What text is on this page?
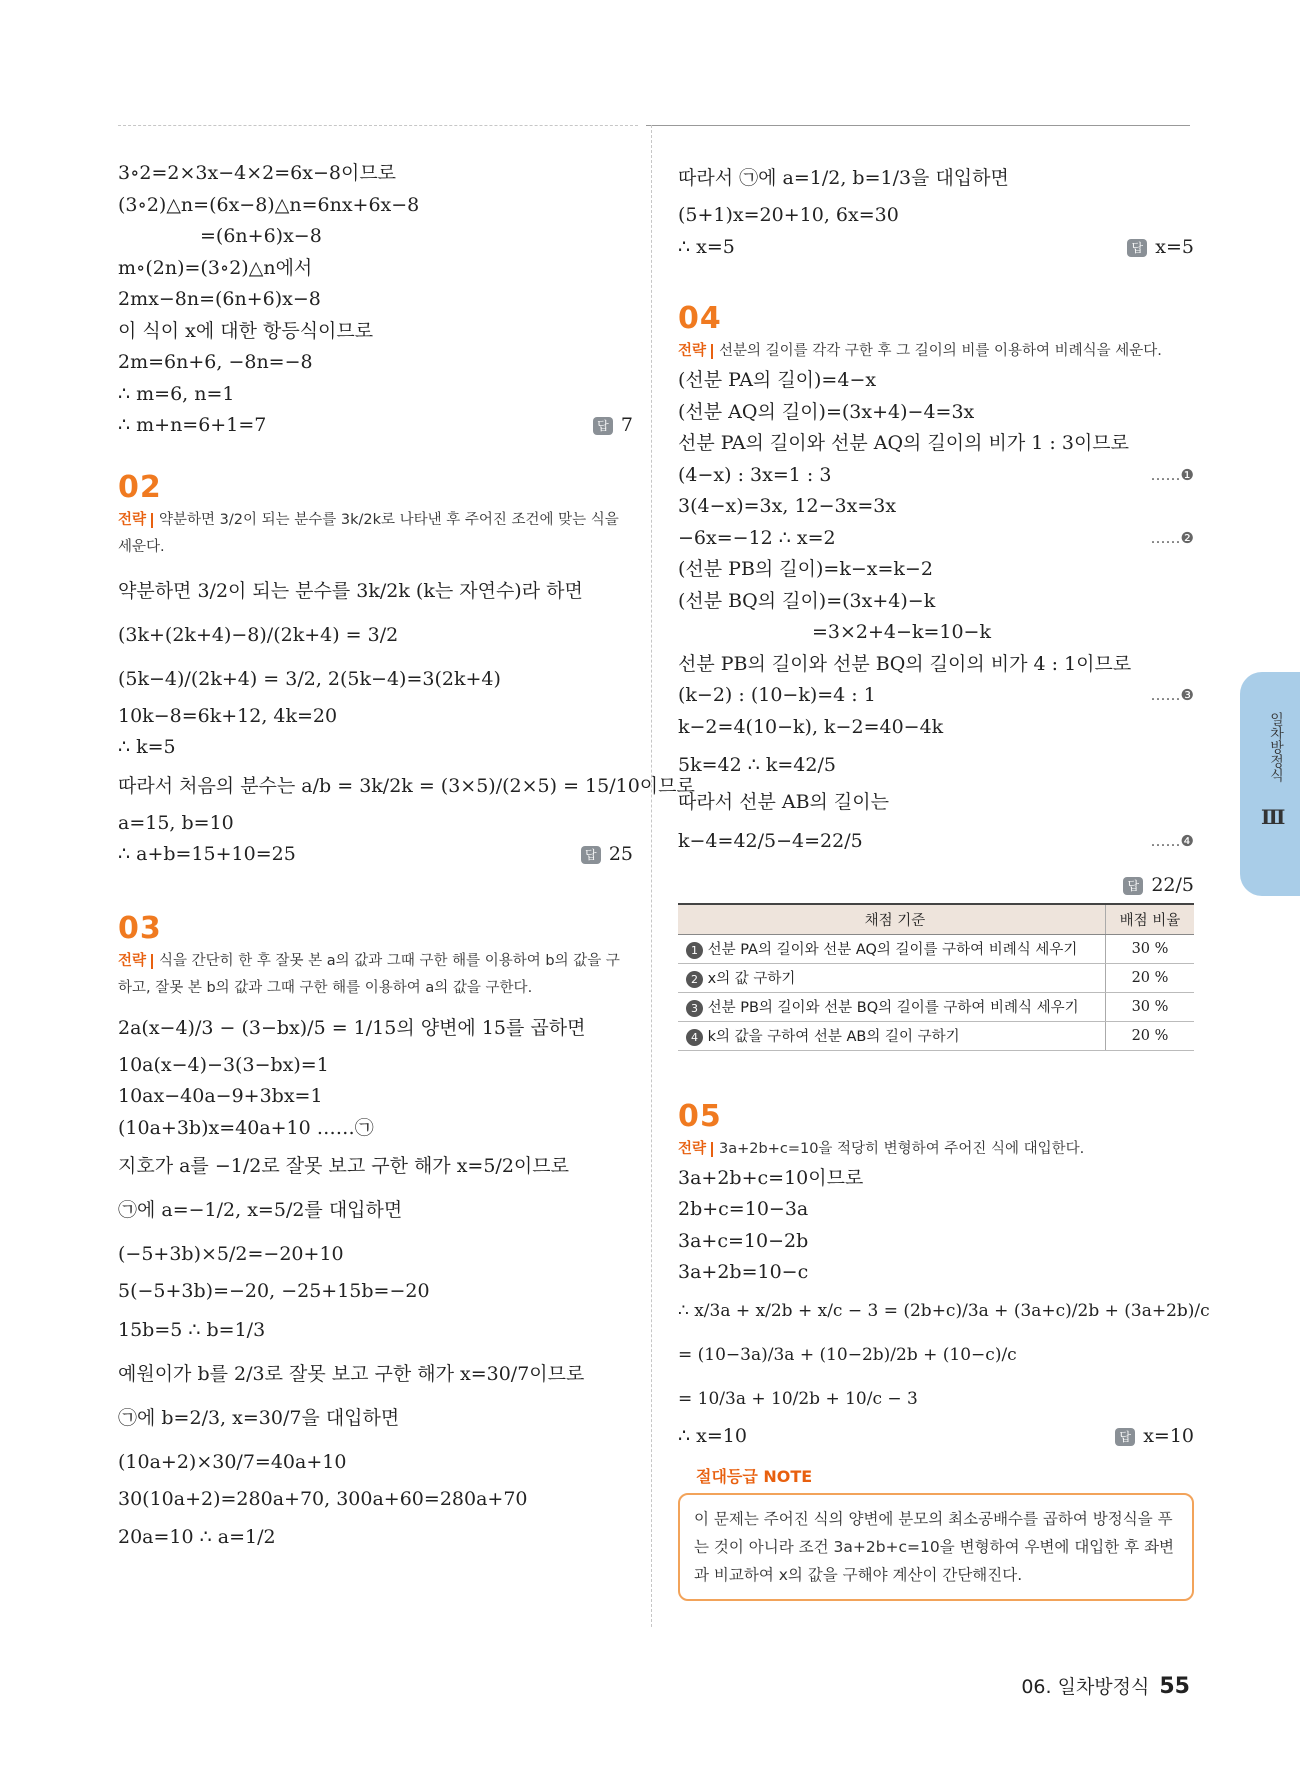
3∘2=2×3x−4×2=6x−8이므로
(3∘2)△n=(6x−8)△n=6nx+6x−8
=(6n+6)x−8
m∘(2n)=(3∘2)△n에서
2mx−8n=(6n+6)x−8
이 식이 x에 대한 항등식이므로
2m=6n+6, −8n=−8
∴ m=6, n=1
∴ m+n=6+1=7	답 7
02
전략 약분하면 3/2이 되는 분수를 3k/2k로 나타낸 후 주어진 조건에 맞는 식을 세운다.
약분하면 3/2이 되는 분수를 3k/2k (k는 자연수)라 하면
(3k+(2k+4)−8)/(2k+4) = 3/2
(5k−4)/(2k+4) = 3/2, 2(5k−4)=3(2k+4)
10k−8=6k+12, 4k=20
∴ k=5
따라서 처음의 분수는 a/b = 3k/2k = (3×5)/(2×5) = 15/10이므로
a=15, b=10
∴ a+b=15+10=25	답 25
03
전략 식을 간단히 한 후 잘못 본 a의 값과 그때 구한 해를 이용하여 b의 값을 구하고, 잘못 본 b의 값과 그때 구한 해를 이용하여 a의 값을 구한다.
2a(x−4)/3 − (3−bx)/5 = 1/15의 양변에 15를 곱하면
10a(x−4)−3(3−bx)=1
10ax−40a−9+3bx=1
(10a+3b)x=40a+10 ……㉠
지호가 a를 −1/2로 잘못 보고 구한 해가 x=5/2이므로
㉠에 a=−1/2, x=5/2를 대입하면
(−5+3b)×5/2=−20+10
5(−5+3b)=−20, −25+15b=−20
15b=5 ∴ b=1/3
예원이가 b를 2/3로 잘못 보고 구한 해가 x=30/7이므로
㉠에 b=2/3, x=30/7을 대입하면
(10a+2)×30/7=40a+10
30(10a+2)=280a+70, 300a+60=280a+70
20a=10 ∴ a=1/2
따라서 ㉠에 a=1/2, b=1/3을 대입하면
(5+1)x=20+10, 6x=30
∴ x=5	답 x=5
04
전략 선분의 길이를 각각 구한 후 그 길이의 비를 이용하여 비례식을 세운다.
(선분 PA의 길이)=4−x
(선분 AQ의 길이)=(3x+4)−4=3x
선분 PA의 길이와 선분 AQ의 길이의 비가 1 : 3이므로
(4−x) : 3x=1 : 3	……❶
3(4−x)=3x, 12−3x=3x
−6x=−12 ∴ x=2	……❷
(선분 PB의 길이)=k−x=k−2
(선분 BQ의 길이)=(3x+4)−k
=3×2+4−k=10−k
선분 PB의 길이와 선분 BQ의 길이의 비가 4 : 1이므로
(k−2) : (10−k)=4 : 1	……❸
k−2=4(10−k), k−2=40−4k
5k=42 ∴ k=42/5
따라서 선분 AB의 길이는
k−4=42/5−4=22/5	……❹
답 22/5
채점 기준	배점 비율
1 선분 PA의 길이와 선분 AQ의 길이를 구하여 비례식 세우기	30 %
2 x의 값 구하기	20 %
3 선분 PB의 길이와 선분 BQ의 길이를 구하여 비례식 세우기	30 %
4 k의 값을 구하여 선분 AB의 길이 구하기	20 %
05
전략 3a+2b+c=10을 적당히 변형하여 주어진 식에 대입한다.
3a+2b+c=10이므로
2b+c=10−3a
3a+c=10−2b
3a+2b=10−c
∴ x/3a + x/2b + x/c − 3 = (2b+c)/3a + (3a+c)/2b + (3a+2b)/c
= (10−3a)/3a + (10−2b)/2b + (10−c)/c
= 10/3a + 10/2b + 10/c − 3
∴ x=10	답 x=10
절대등급 NOTE
이 문제는 주어진 식의 양변에 분모의 최소공배수를 곱하여 방정식을 푸는 것이 아니라 조건 3a+2b+c=10을 변형하여 우변에 대입한 후 좌변과 비교하여 x의 값을 구해야 계산이 간단해진다.
일차방정식
Ⅲ
06. 일차방정식 55
